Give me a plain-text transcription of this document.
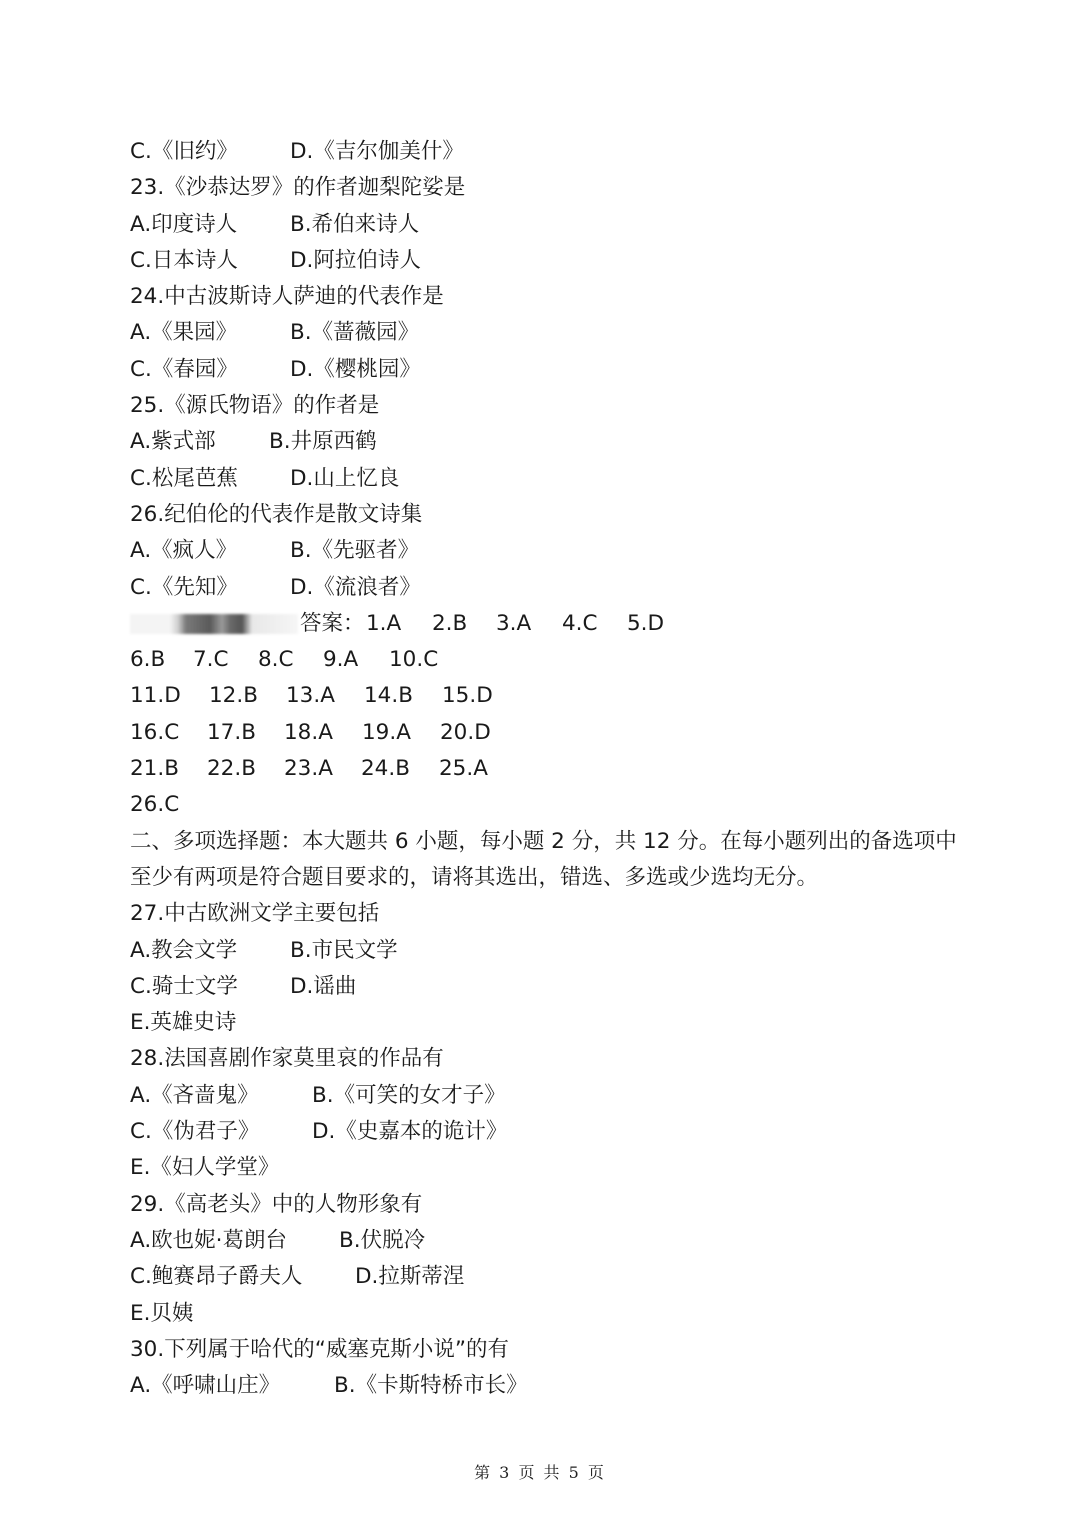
C.《旧约》 D.《吉尔伽美什》
23.《沙恭达罗》的作者迦梨陀娑是
A.印度诗人 B.希伯来诗人
C.日本诗人 D.阿拉伯诗人
24.中古波斯诗人萨迪的代表作是
A.《果园》 B.《蔷薇园》
C.《春园》 D.《樱桃园》
25.《源氏物语》的作者是
A.紫式部 B.井原西鹤
C.松尾芭蕉 D.山上忆良
26.纪伯伦的代表作是散文诗集
A.《疯人》 B.《先驱者》
C.《先知》 D.《流浪者》
答案： 1.A 2.B 3.A 4.C 5.D
6.B 7.C 8.C 9.A 10.C
11.D 12.B 13.A 14.B 15.D
16.C 17.B 18.A 19.A 20.D
21.B 22.B 23.A 24.B 25.A
26.C
二、多项选择题：本大题共 6 小题，每小题 2 分，共 12 分。在每小题列出的备选项中
至少有两项是符合题目要求的，请将其选出，错选、多选或少选均无分。
27.中古欧洲文学主要包括
A.教会文学 B.市民文学
C.骑士文学 D.谣曲
E.英雄史诗
28.法国喜剧作家莫里哀的作品有
A.《吝啬鬼》 B.《可笑的女才子》
C.《伪君子》 D.《史嘉本的诡计》
E.《妇人学堂》
29.《高老头》中的人物形象有
A.欧也妮·葛朗台 B.伏脱冷
C.鲍赛昂子爵夫人 D.拉斯蒂涅
E.贝姨
30.下列属于哈代的“威塞克斯小说”的有
A.《呼啸山庄》	B.《卡斯特桥市长》
第 3 页 共 5 页
